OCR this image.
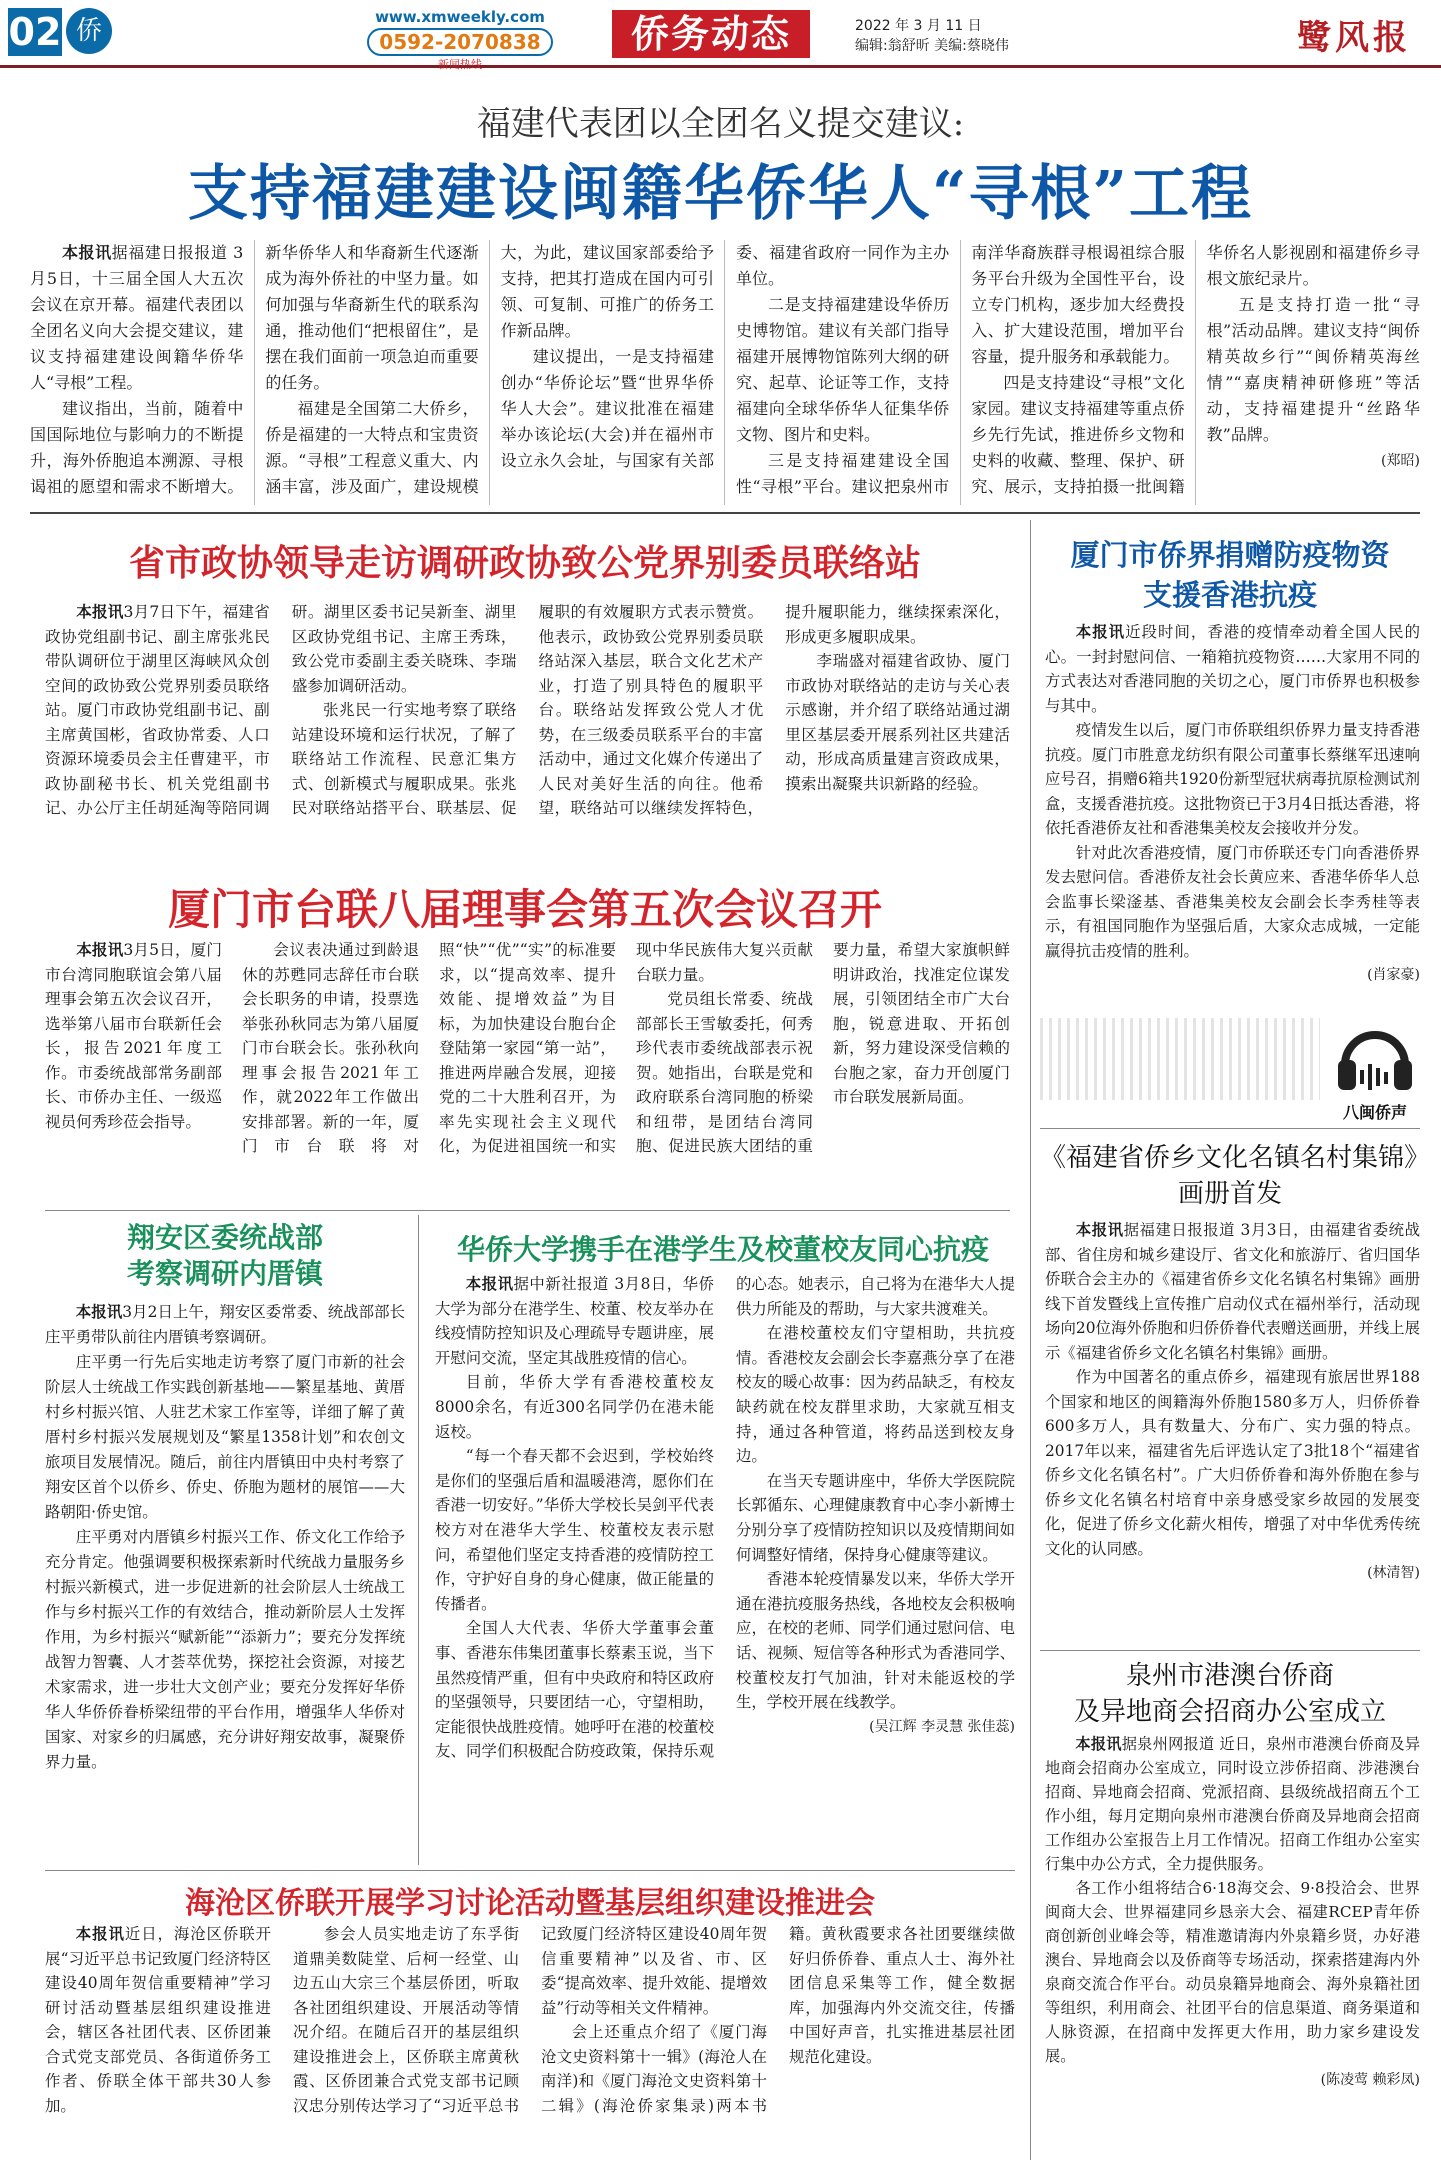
02 侨	www.xmweekly.com
0592-2070838
新闻热线
侨务动态	2022 年 3 月 11 日
编辑:翁舒昕 美编:蔡晓伟	鹭风报
福建代表团以全团名义提交建议:
支持福建建设闽籍华侨华人“寻根”工程

本报讯据福建日报报道 3月5日，十三届全国人大五次会议在京开幕。福建代表团以全团名义向大会提交建议，建议支持福建建设闽籍华侨华人“寻根”工程。

建议指出，当前，随着中国国际地位与影响力的不断提升，海外侨胞追本溯源、寻根谒祖的愿望和需求不断增大。新华侨华人和华裔新生代逐渐成为海外侨社的中坚力量。如何加强与华裔新生代的联系沟通，推动他们“把根留住”，是摆在我们面前一项急迫而重要的任务。

福建是全国第二大侨乡，侨是福建的一大特点和宝贵资源。“寻根”工程意义重大、内涵丰富，涉及面广，建设规模大，为此，建议国家部委给予支持，把其打造成在国内可引领、可复制、可推广的侨务工作新品牌。

建议提出，一是支持福建创办“华侨论坛”暨“世界华侨华人大会”。建议批准在福建举办该论坛(大会)并在福州市设立永久会址，与国家有关部委、福建省政府一同作为主办单位。

二是支持福建建设华侨历史博物馆。建议有关部门指导福建开展博物馆陈列大纲的研究、起草、论证等工作，支持福建向全球华侨华人征集华侨文物、图片和史料。

三是支持福建建设全国性“寻根”平台。建议把泉州市南洋华裔族群寻根谒祖综合服务平台升级为全国性平台，设立专门机构，逐步加大经费投入、扩大建设范围，增加平台容量，提升服务和承载能力。

四是支持建设“寻根”文化家园。建议支持福建等重点侨乡先行先试，推进侨乡文物和史料的收藏、整理、保护、研究、展示，支持拍摄一批闽籍华侨名人影视剧和福建侨乡寻根文旅纪录片。

五是支持打造一批“寻根”活动品牌。建议支持“闽侨精英故乡行”“闽侨精英海丝情”“嘉庚精神研修班”等活动，支持福建提升“丝路华教”品牌。

(郑昭)
省市政协领导走访调研政协致公党界别委员联络站

本报讯3月7日下午，福建省政协党组副书记、副主席张兆民带队调研位于湖里区海峡风众创空间的政协致公党界别委员联络站。厦门市政协党组副书记、副主席黄国彬，省政协常委、人口资源环境委员会主任曹建平，市政协副秘书长、机关党组副书记、办公厅主任胡延淘等陪同调研。湖里区委书记吴新奎、湖里区政协党组书记、主席王秀珠，致公党市委副主委关晓珠、李瑞盛参加调研活动。

张兆民一行实地考察了联络站建设环境和运行状况，了解了联络站工作流程、民意汇集方式、创新模式与履职成果。张兆民对联络站搭平台、联基层、促履职的有效履职方式表示赞赏。他表示，政协致公党界别委员联络站深入基层，联合文化艺术产业，打造了别具特色的履职平台。联络站发挥致公党人才优势，在三级委员联系平台的丰富活动中，通过文化媒介传递出了人民对美好生活的向往。他希望，联络站可以继续发挥特色，提升履职能力，继续探索深化，形成更多履职成果。

李瑞盛对福建省政协、厦门市政协对联络站的走访与关心表示感谢，并介绍了联络站通过湖里区基层委开展系列社区共建活动，形成高质量建言资政成果，摸索出凝聚共识新路的经验。

厦门市台联八届理事会第五次会议召开

本报讯3月5日，厦门市台湾同胞联谊会第八届理事会第五次会议召开，选举第八届市台联新任会长，报告2021年度工作。市委统战部常务副部长、市侨办主任、一级巡视员何秀珍莅会指导。

会议表决通过到龄退休的苏甦同志辞任市台联会长职务的申请，投票选举张孙秋同志为第八届厦门市台联会长。张孙秋向理事会报告2021年工作，就2022年工作做出安排部署。新的一年，厦门市台联将对照“快”“优”“实”的标准要求，以“提高效率、提升效能、提增效益”为目标，为加快建设台胞台企登陆第一家园“第一站”，推进两岸融合发展，迎接党的二十大胜利召开，为率先实现社会主义现代化，为促进祖国统一和实现中华民族伟大复兴贡献台联力量。

党员组长常委、统战部部长王雪敏委托，何秀珍代表市委统战部表示祝贺。她指出，台联是党和政府联系台湾同胞的桥梁和纽带，是团结台湾同胞、促进民族大团结的重要力量，希望大家旗帜鲜明讲政治，找准定位谋发展，引领团结全市广大台胞，锐意进取、开拓创新，努力建设深受信赖的台胞之家，奋力开创厦门市台联发展新局面。

翔安区委统战部
考察调研内厝镇

本报讯3月2日上午，翔安区委常委、统战部部长庄平勇带队前往内厝镇考察调研。

庄平勇一行先后实地走访考察了厦门市新的社会阶层人士统战工作实践创新基地——繁星基地、黄厝村乡村振兴馆、人驻艺术家工作室等，详细了解了黄厝村乡村振兴发展规划及“繁星1358计划”和农创文旅项目发展情况。随后，前往内厝镇田中央村考察了翔安区首个以侨乡、侨史、侨胞为题材的展馆——大路朝阳·侨史馆。

庄平勇对内厝镇乡村振兴工作、侨文化工作给予充分肯定。他强调要积极探索新时代统战力量服务乡村振兴新模式，进一步促进新的社会阶层人士统战工作与乡村振兴工作的有效结合，推动新阶层人士发挥作用，为乡村振兴“赋新能”“添新力”；要充分发挥统战智力智囊、人才荟萃优势，探挖社会资源，对接艺术家需求，进一步壮大文创产业；要充分发挥好华侨华人华侨侨眷桥梁纽带的平台作用，增强华人华侨对国家、对家乡的归属感，充分讲好翔安故事，凝聚侨界力量。

华侨大学携手在港学生及校董校友同心抗疫

本报讯据中新社报道 3月8日，华侨大学为部分在港学生、校董、校友举办在线疫情防控知识及心理疏导专题讲座，展开慰问交流，坚定其战胜疫情的信心。

目前，华侨大学有香港校董校友8000余名，有近300名同学仍在港未能返校。

“每一个春天都不会迟到，学校始终是你们的坚强后盾和温暖港湾，愿你们在香港一切安好。”华侨大学校长吴剑平代表校方对在港华大学生、校董校友表示慰问，希望他们坚定支持香港的疫情防控工作，守护好自身的身心健康，做正能量的传播者。

全国人大代表、华侨大学董事会董事、香港东伟集团董事长蔡素玉说，当下虽然疫情严重，但有中央政府和特区政府的坚强领导，只要团结一心，守望相助，定能很快战胜疫情。她呼吁在港的校董校友、同学们积极配合防疫政策，保持乐观的心态。她表示，自己将为在港华大人提供力所能及的帮助，与大家共渡难关。

在港校董校友们守望相助，共抗疫情。香港校友会副会长李嘉燕分享了在港校友的暖心故事：因为药品缺乏，有校友缺药就在校友群里求助，大家就互相支持，通过各种管道，将药品送到校友身边。

在当天专题讲座中，华侨大学医院院长郭循东、心理健康教育中心李小新博士分别分享了疫情防控知识以及疫情期间如何调整好情绪，保持身心健康等建议。

香港本轮疫情暴发以来，华侨大学开通在港抗疫服务热线，各地校友会积极响应，在校的老师、同学们通过慰问信、电话、视频、短信等各种形式为香港同学、校董校友打气加油，针对未能返校的学生，学校开展在线教学。

(吴江辉 李灵慧 张佳蕊)
海沧区侨联开展学习讨论活动暨基层组织建设推进会

本报讯近日，海沧区侨联开展“习近平总书记致厦门经济特区建设40周年贺信重要精神”学习研讨活动暨基层组织建设推进会，辖区各社团代表、区侨团兼合式党支部党员、各街道侨务工作者、侨联全体干部共30人参加。

参会人员实地走访了东孚街道鼎美数陡堂、后柯一经堂、山边五山大宗三个基层侨团，听取各社团组织建设、开展活动等情况介绍。在随后召开的基层组织建设推进会上，区侨联主席黄秋霞、区侨团兼合式党支部书记顾汉忠分别传达学习了“习近平总书记致厦门经济特区建设40周年贺信重要精神”以及省、市、区委“提高效率、提升效能、提增效益”行动等相关文件精神。

会上还重点介绍了《厦门海沧文史资料第十一辑》(海沧人在南洋)和《厦门海沧文史资料第十二辑》(海沧侨家集录)两本书籍。黄秋霞要求各社团要继续做好归侨侨眷、重点人士、海外社团信息采集等工作，健全数据库，加强海内外交流交往，传播中国好声音，扎实推进基层社团规范化建设。

厦门市侨界捐赠防疫物资
支援香港抗疫

本报讯近段时间，香港的疫情牵动着全国人民的心。一封封慰问信、一箱箱抗疫物资……大家用不同的方式表达对香港同胞的关切之心，厦门市侨界也积极参与其中。

疫情发生以后，厦门市侨联组织侨界力量支持香港抗疫。厦门市胜意龙纺织有限公司董事长蔡继军迅速响应号召，捐赠6箱共1920份新型冠状病毒抗原检测试剂盒，支援香港抗疫。这批物资已于3月4日抵达香港，将依托香港侨友社和香港集美校友会接收并分发。

针对此次香港疫情，厦门市侨联还专门向香港侨界发去慰问信。香港侨友社会长黄应来、香港华侨华人总会监事长梁滏基、香港集美校友会副会长李秀桂等表示，有祖国同胞作为坚强后盾，大家众志成城，一定能赢得抗击疫情的胜利。

(肖家豪)
八闽侨声
《福建省侨乡文化名镇名村集锦》
画册首发

本报讯据福建日报报道 3月3日，由福建省委统战部、省住房和城乡建设厅、省文化和旅游厅、省归国华侨联合会主办的《福建省侨乡文化名镇名村集锦》画册线下首发暨线上宣传推广启动仪式在福州举行，活动现场向20位海外侨胞和归侨侨眷代表赠送画册，并线上展示《福建省侨乡文化名镇名村集锦》画册。

作为中国著名的重点侨乡，福建现有旅居世界188个国家和地区的闽籍海外侨胞1580多万人，归侨侨眷600多万人，具有数量大、分布广、实力强的特点。2017年以来，福建省先后评选认定了3批18个“福建省侨乡文化名镇名村”。广大归侨侨眷和海外侨胞在参与侨乡文化名镇名村培育中亲身感受家乡故园的发展变化，促进了侨乡文化薪火相传，增强了对中华优秀传统文化的认同感。

(林清智)
泉州市港澳台侨商
及异地商会招商办公室成立

本报讯据泉州网报道 近日，泉州市港澳台侨商及异地商会招商办公室成立，同时设立涉侨招商、涉港澳台招商、异地商会招商、党派招商、县级统战招商五个工作小组，每月定期向泉州市港澳台侨商及异地商会招商工作组办公室报告上月工作情况。招商工作组办公室实行集中办公方式，全力提供服务。

各工作小组将结合6·18海交会、9·8投洽会、世界闽商大会、世界福建同乡恳亲大会、福建RCEP青年侨商创新创业峰会等，精准邀请海内外泉籍乡贤，办好港澳台、异地商会以及侨商等专场活动，探索搭建海内外泉商交流合作平台。动员泉籍异地商会、海外泉籍社团等组织，利用商会、社团平台的信息渠道、商务渠道和人脉资源，在招商中发挥更大作用，助力家乡建设发展。

(陈凌莺 赖彩凤)
